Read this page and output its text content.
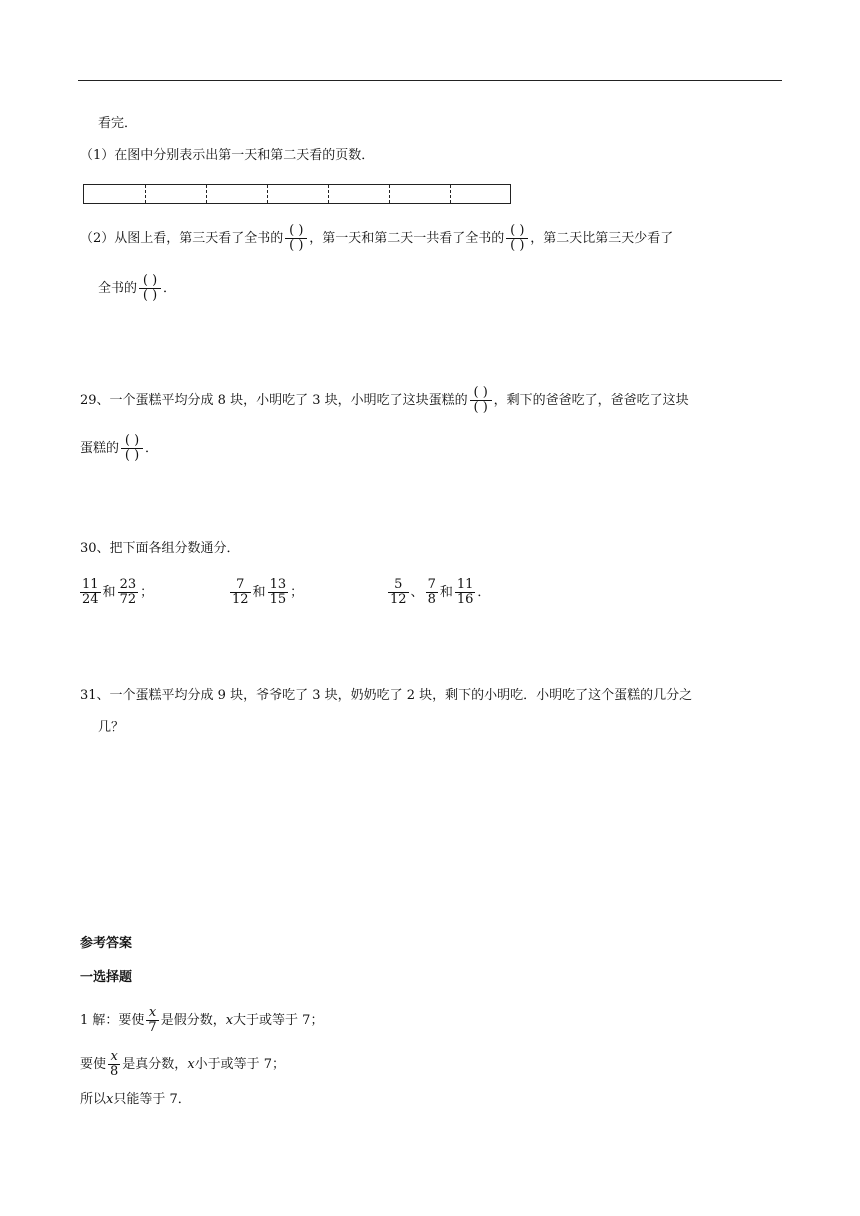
看完．
（1）在图中分别表示出第一天和第二天看的页数．
（2）从图上看，第三天看了全书的 $\frac{( )}{( )}$ ，第一天和第二天一共看了全书的 $\frac{( )}{( )}$ ，第二天比第三天少看了
全书的 $\frac{( )}{( )}$ ．
29、一个蛋糕平均分成 8 块，小明吃了 3 块，小明吃了这块蛋糕的 $\frac{( )}{( )}$ ，剩下的爸爸吃了，爸爸吃了这块
蛋糕的 $\frac{( )}{( )}$ ．
30、把下面各组分数通分．
$\frac{11}{24}$ 和 $\frac{23}{72}$ ；	$\frac{7}{12}$ 和 $\frac{13}{15}$ ；	$\frac{5}{12}$ 、 $\frac{7}{8}$ 和 $\frac{11}{16}$ ．
31、一个蛋糕平均分成 9 块，爷爷吃了 3 块，奶奶吃了 2 块，剩下的小明吃．小明吃了这个蛋糕的几分之
几？
参考答案
一选择题
1 解：要使 $\frac{x}{7}$ 是假分数，x大于或等于 7；
要使 $\frac{x}{8}$ 是真分数，x小于或等于 7；
所以x只能等于 7．
